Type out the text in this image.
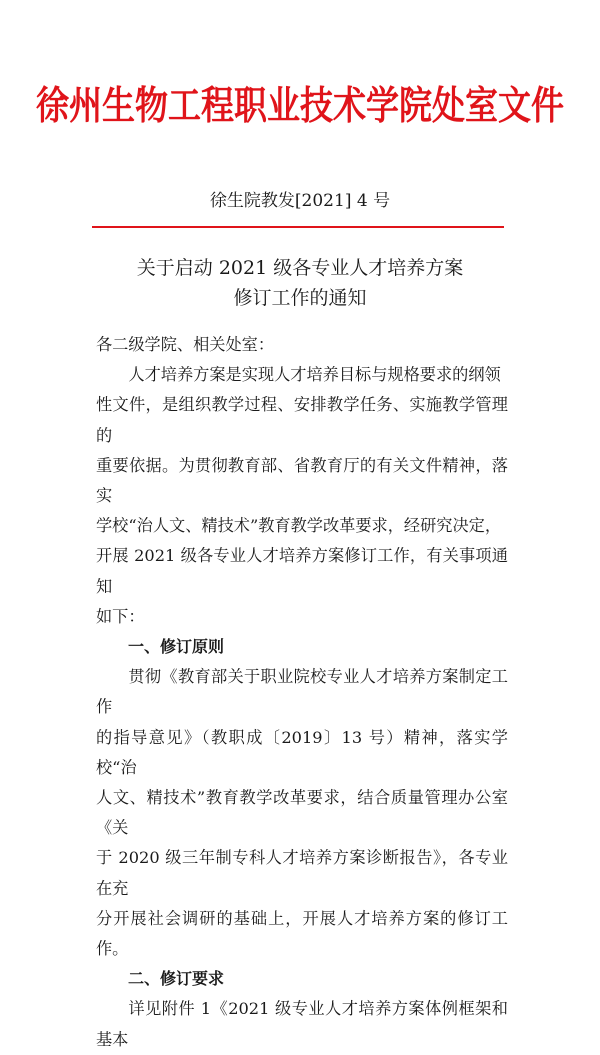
徐州生物工程职业技术学院处室文件
徐生院教发[2021] 4 号
关于启动 2021 级各专业人才培养方案
修订工作的通知

各二级学院、相关处室：

人才培养方案是实现人才培养目标与规格要求的纲领
性文件，是组织教学过程、安排教学任务、实施教学管理的
重要依据。为贯彻教育部、省教育厅的有关文件精神，落实
学校“治人文、精技术”教育教学改革要求，经研究决定，
开展 2021 级各专业人才培养方案修订工作，有关事项通知
如下：

一、修订原则

贯彻《教育部关于职业院校专业人才培养方案制定工作
的指导意见》（教职成〔2019〕13 号）精神，落实学校“治
人文、精技术”教育教学改革要求，结合质量管理办公室《关
于 2020 级三年制专科人才培养方案诊断报告》，各专业在充
分开展社会调研的基础上，开展人才培养方案的修订工作。

二、修订要求

详见附件 1《2021 级专业人才培养方案体例框架和基本
